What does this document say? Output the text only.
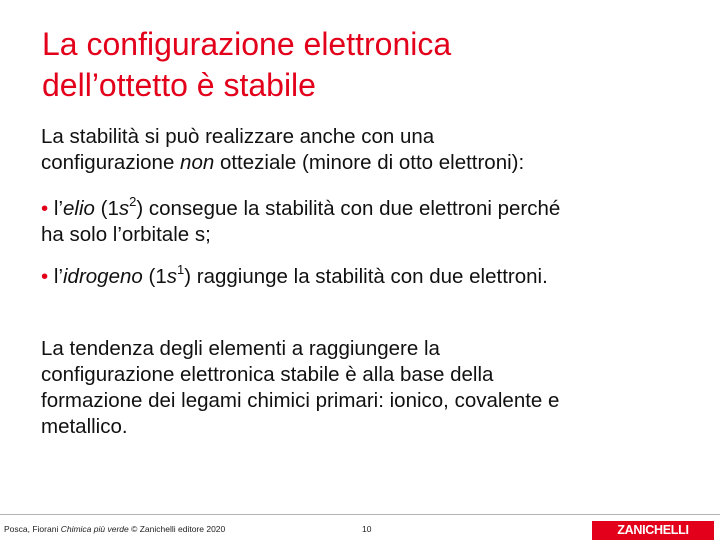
La configurazione elettronica
dell’ottetto è stabile
La stabilità si può realizzare anche con una
configurazione non otteziale (minore di otto elettroni):
• l’elio $(1s^2)$ consegue la stabilità con due elettroni perché
ha solo l’orbitale s;
• l’idrogeno $(1s^1)$ raggiunge la stabilità con due elettroni.
La tendenza degli elementi a raggiungere la
configurazione elettronica stabile è alla base della
formazione dei legami chimici primari: ionico, covalente e
metallico.
Posca, Fiorani Chimica più verde © Zanichelli editore 2020	10	ZANICHELLI
